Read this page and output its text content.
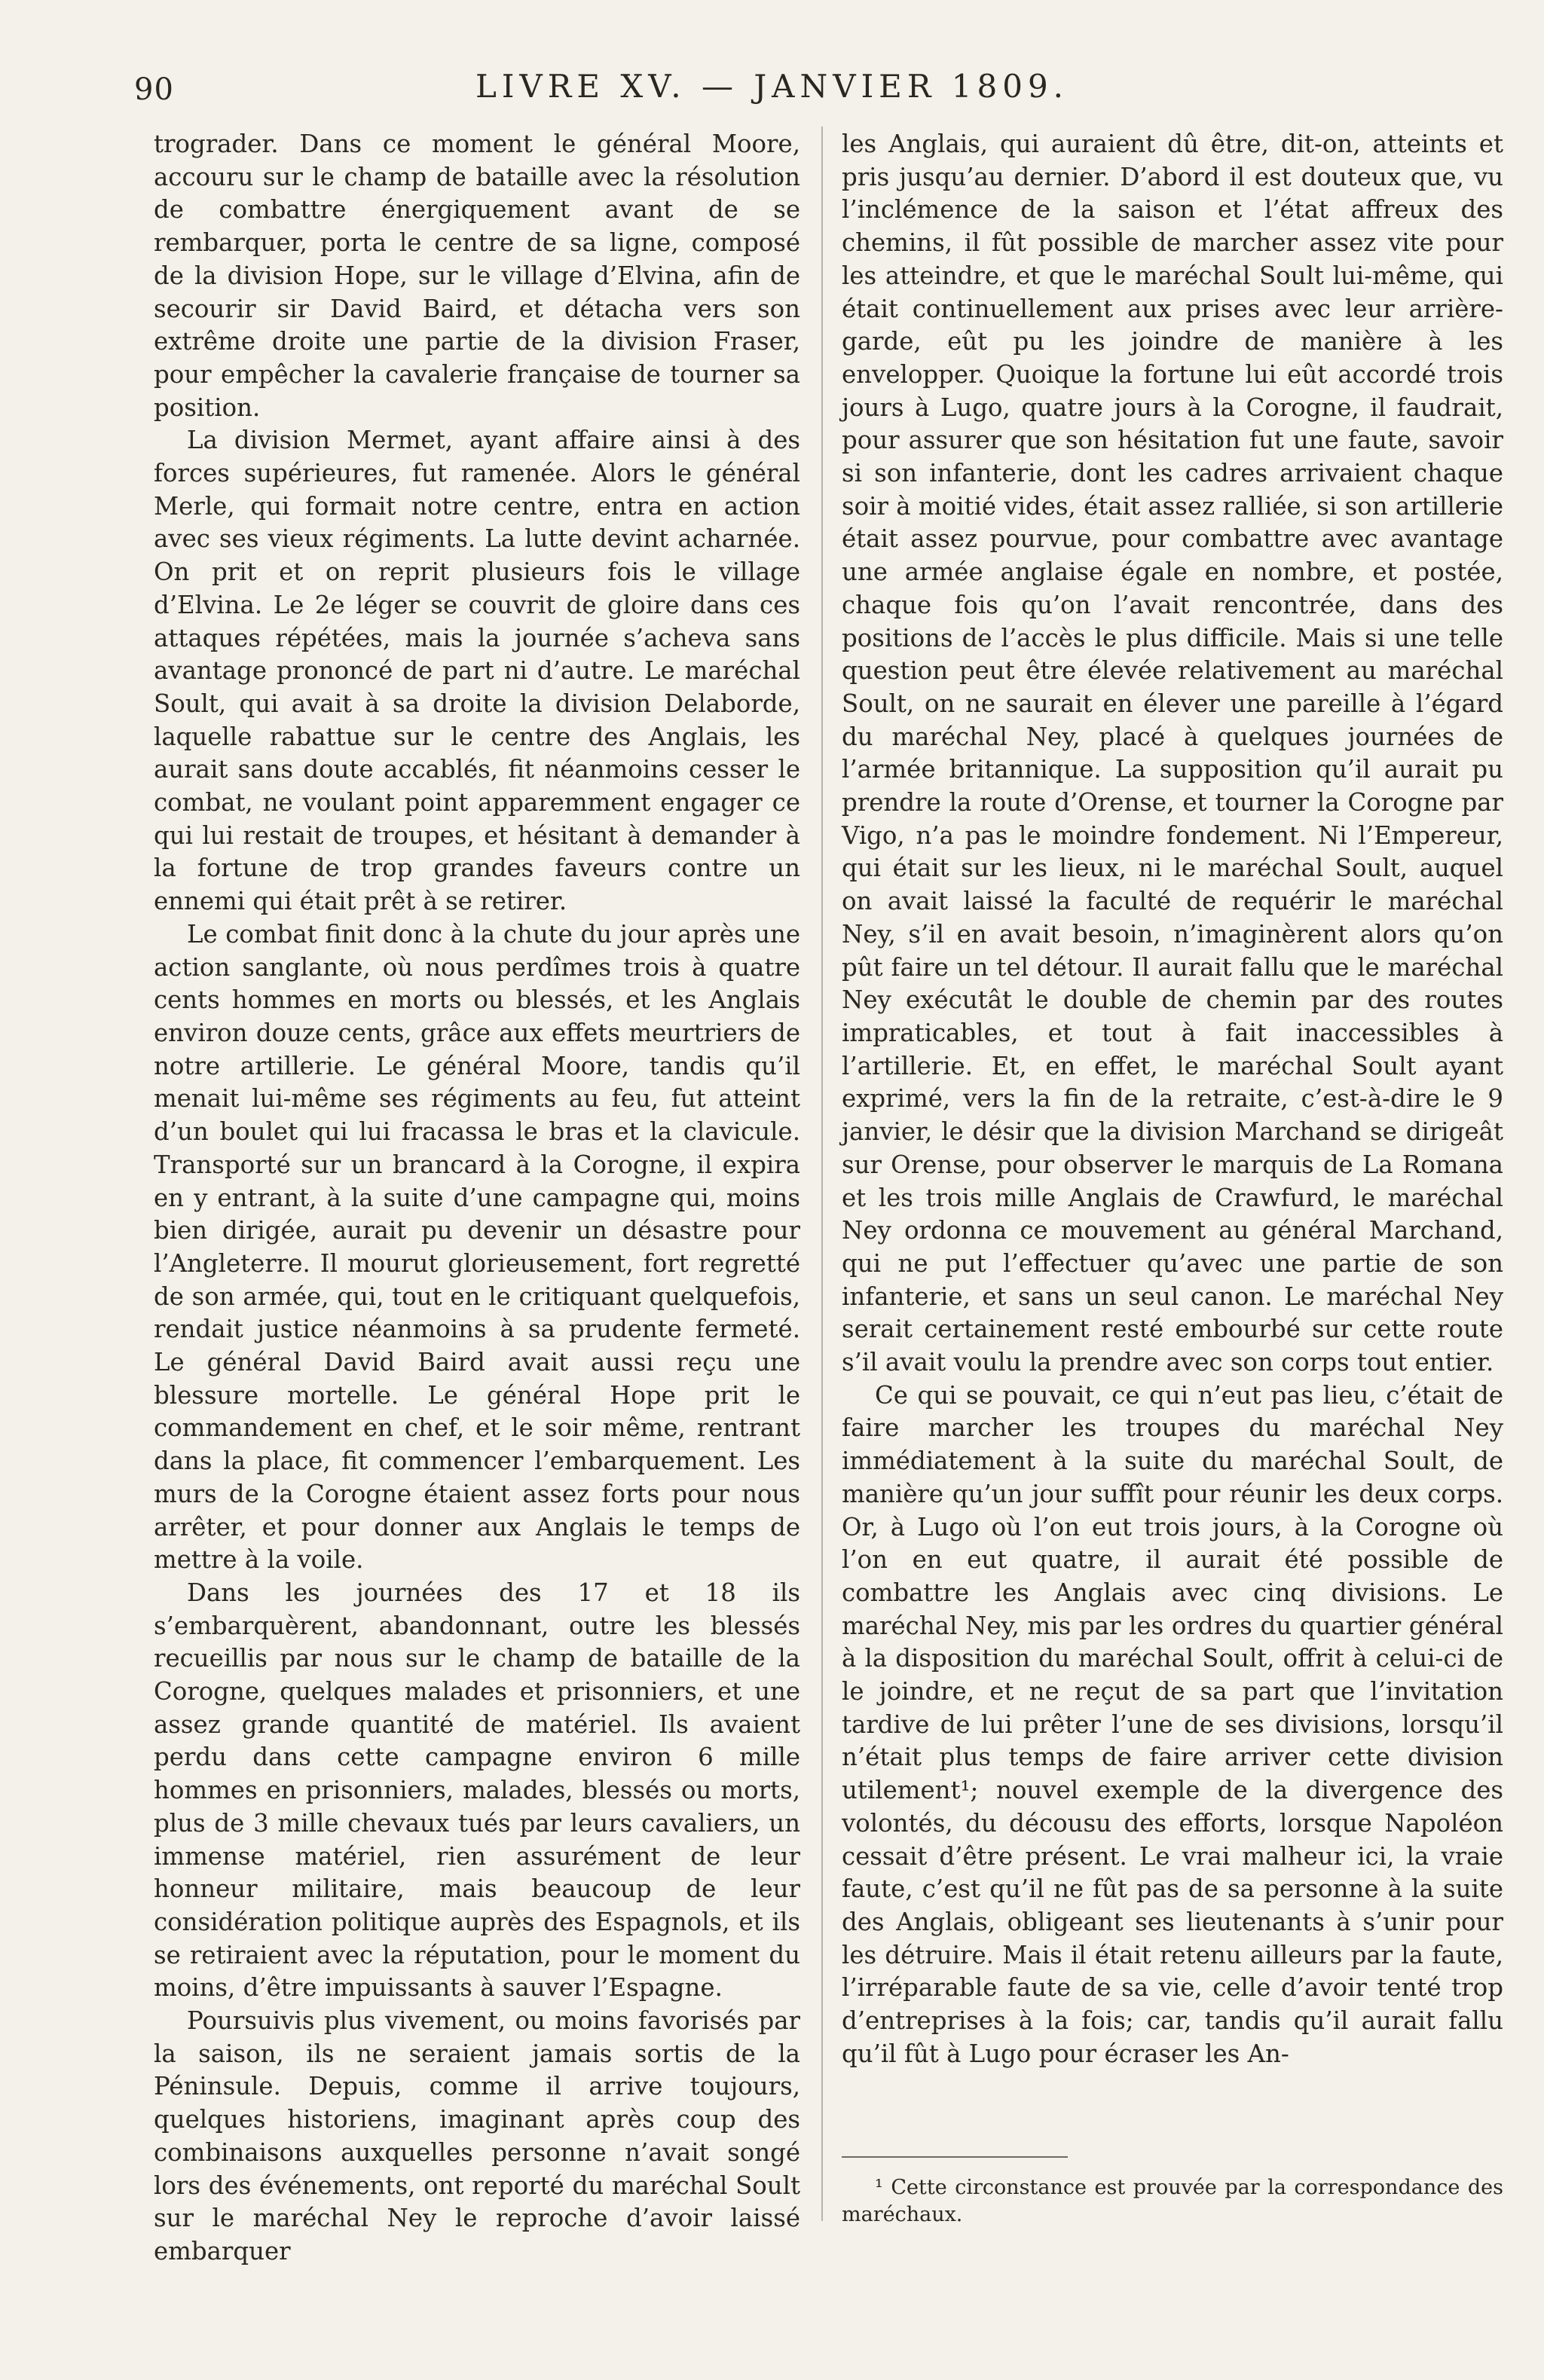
90	LIVRE XV. — JANVIER 1809.

trograder. Dans ce moment le général Moore, accouru sur le champ de bataille avec la résolution de combattre énergiquement avant de se rembarquer, porta le centre de sa ligne, composé de la division Hope, sur le village d’Elvina, afin de secourir sir David Baird, et détacha vers son extrême droite une partie de la division Fraser, pour empêcher la cavalerie française de tourner sa position.

La division Mermet, ayant affaire ainsi à des forces supérieures, fut ramenée. Alors le général Merle, qui formait notre centre, entra en action avec ses vieux régiments. La lutte devint acharnée. On prit et on reprit plusieurs fois le village d’Elvina. Le 2e léger se couvrit de gloire dans ces attaques répétées, mais la journée s’acheva sans avantage prononcé de part ni d’autre. Le maréchal Soult, qui avait à sa droite la division Delaborde, laquelle rabattue sur le centre des Anglais, les aurait sans doute accablés, fit néanmoins cesser le combat, ne voulant point apparemment engager ce qui lui restait de troupes, et hésitant à demander à la fortune de trop grandes faveurs contre un ennemi qui était prêt à se retirer.

Le combat finit donc à la chute du jour après une action sanglante, où nous perdîmes trois à quatre cents hommes en morts ou blessés, et les Anglais environ douze cents, grâce aux effets meurtriers de notre artillerie. Le général Moore, tandis qu’il menait lui-même ses régiments au feu, fut atteint d’un boulet qui lui fracassa le bras et la clavicule. Transporté sur un brancard à la Corogne, il expira en y entrant, à la suite d’une campagne qui, moins bien dirigée, aurait pu devenir un désastre pour l’Angleterre. Il mourut glorieusement, fort regretté de son armée, qui, tout en le critiquant quelquefois, rendait justice néanmoins à sa prudente fermeté. Le général David Baird avait aussi reçu une blessure mortelle. Le général Hope prit le commandement en chef, et le soir même, rentrant dans la place, fit commencer l’embarquement. Les murs de la Corogne étaient assez forts pour nous arrêter, et pour donner aux Anglais le temps de mettre à la voile.

Dans les journées des 17 et 18 ils s’embarquèrent, abandonnant, outre les blessés recueillis par nous sur le champ de bataille de la Corogne, quelques malades et prisonniers, et une assez grande quantité de matériel. Ils avaient perdu dans cette campagne environ 6 mille hommes en prisonniers, malades, blessés ou morts, plus de 3 mille chevaux tués par leurs cavaliers, un immense matériel, rien assurément de leur honneur militaire, mais beaucoup de leur considération politique auprès des Espagnols, et ils se retiraient avec la réputation, pour le moment du moins, d’être impuissants à sauver l’Espagne.

Poursuivis plus vivement, ou moins favorisés par la saison, ils ne seraient jamais sortis de la Péninsule. Depuis, comme il arrive toujours, quelques historiens, imaginant après coup des combinaisons auxquelles personne n’avait songé lors des événements, ont reporté du maréchal Soult sur le maréchal Ney le reproche d’avoir laissé embarquer

les Anglais, qui auraient dû être, dit-on, atteints et pris jusqu’au dernier. D’abord il est douteux que, vu l’inclémence de la saison et l’état affreux des chemins, il fût possible de marcher assez vite pour les atteindre, et que le maréchal Soult lui-même, qui était continuellement aux prises avec leur arrière-garde, eût pu les joindre de manière à les envelopper. Quoique la fortune lui eût accordé trois jours à Lugo, quatre jours à la Corogne, il faudrait, pour assurer que son hésitation fut une faute, savoir si son infanterie, dont les cadres arrivaient chaque soir à moitié vides, était assez ralliée, si son artillerie était assez pourvue, pour combattre avec avantage une armée anglaise égale en nombre, et postée, chaque fois qu’on l’avait rencontrée, dans des positions de l’accès le plus difficile. Mais si une telle question peut être élevée relativement au maréchal Soult, on ne saurait en élever une pareille à l’égard du maréchal Ney, placé à quelques journées de l’armée britannique. La supposition qu’il aurait pu prendre la route d’Orense, et tourner la Corogne par Vigo, n’a pas le moindre fondement. Ni l’Empereur, qui était sur les lieux, ni le maréchal Soult, auquel on avait laissé la faculté de requérir le maréchal Ney, s’il en avait besoin, n’imaginèrent alors qu’on pût faire un tel détour. Il aurait fallu que le maréchal Ney exécutât le double de chemin par des routes impraticables, et tout à fait inaccessibles à l’artillerie. Et, en effet, le maréchal Soult ayant exprimé, vers la fin de la retraite, c’est-à-dire le 9 janvier, le désir que la division Marchand se dirigeât sur Orense, pour observer le marquis de La Romana et les trois mille Anglais de Crawfurd, le maréchal Ney ordonna ce mouvement au général Marchand, qui ne put l’effectuer qu’avec une partie de son infanterie, et sans un seul canon. Le maréchal Ney serait certainement resté embourbé sur cette route s’il avait voulu la prendre avec son corps tout entier.

Ce qui se pouvait, ce qui n’eut pas lieu, c’était de faire marcher les troupes du maréchal Ney immédiatement à la suite du maréchal Soult, de manière qu’un jour suffît pour réunir les deux corps. Or, à Lugo où l’on eut trois jours, à la Corogne où l’on en eut quatre, il aurait été possible de combattre les Anglais avec cinq divisions. Le maréchal Ney, mis par les ordres du quartier général à la disposition du maréchal Soult, offrit à celui-ci de le joindre, et ne reçut de sa part que l’invitation tardive de lui prêter l’une de ses divisions, lorsqu’il n’était plus temps de faire arriver cette division utilement¹; nouvel exemple de la divergence des volontés, du décousu des efforts, lorsque Napoléon cessait d’être présent. Le vrai malheur ici, la vraie faute, c’est qu’il ne fût pas de sa personne à la suite des Anglais, obligeant ses lieutenants à s’unir pour les détruire. Mais il était retenu ailleurs par la faute, l’irréparable faute de sa vie, celle d’avoir tenté trop d’entreprises à la fois; car, tandis qu’il aurait fallu qu’il fût à Lugo pour écraser les An-

¹ Cette circonstance est prouvée par la correspondance des maréchaux.
